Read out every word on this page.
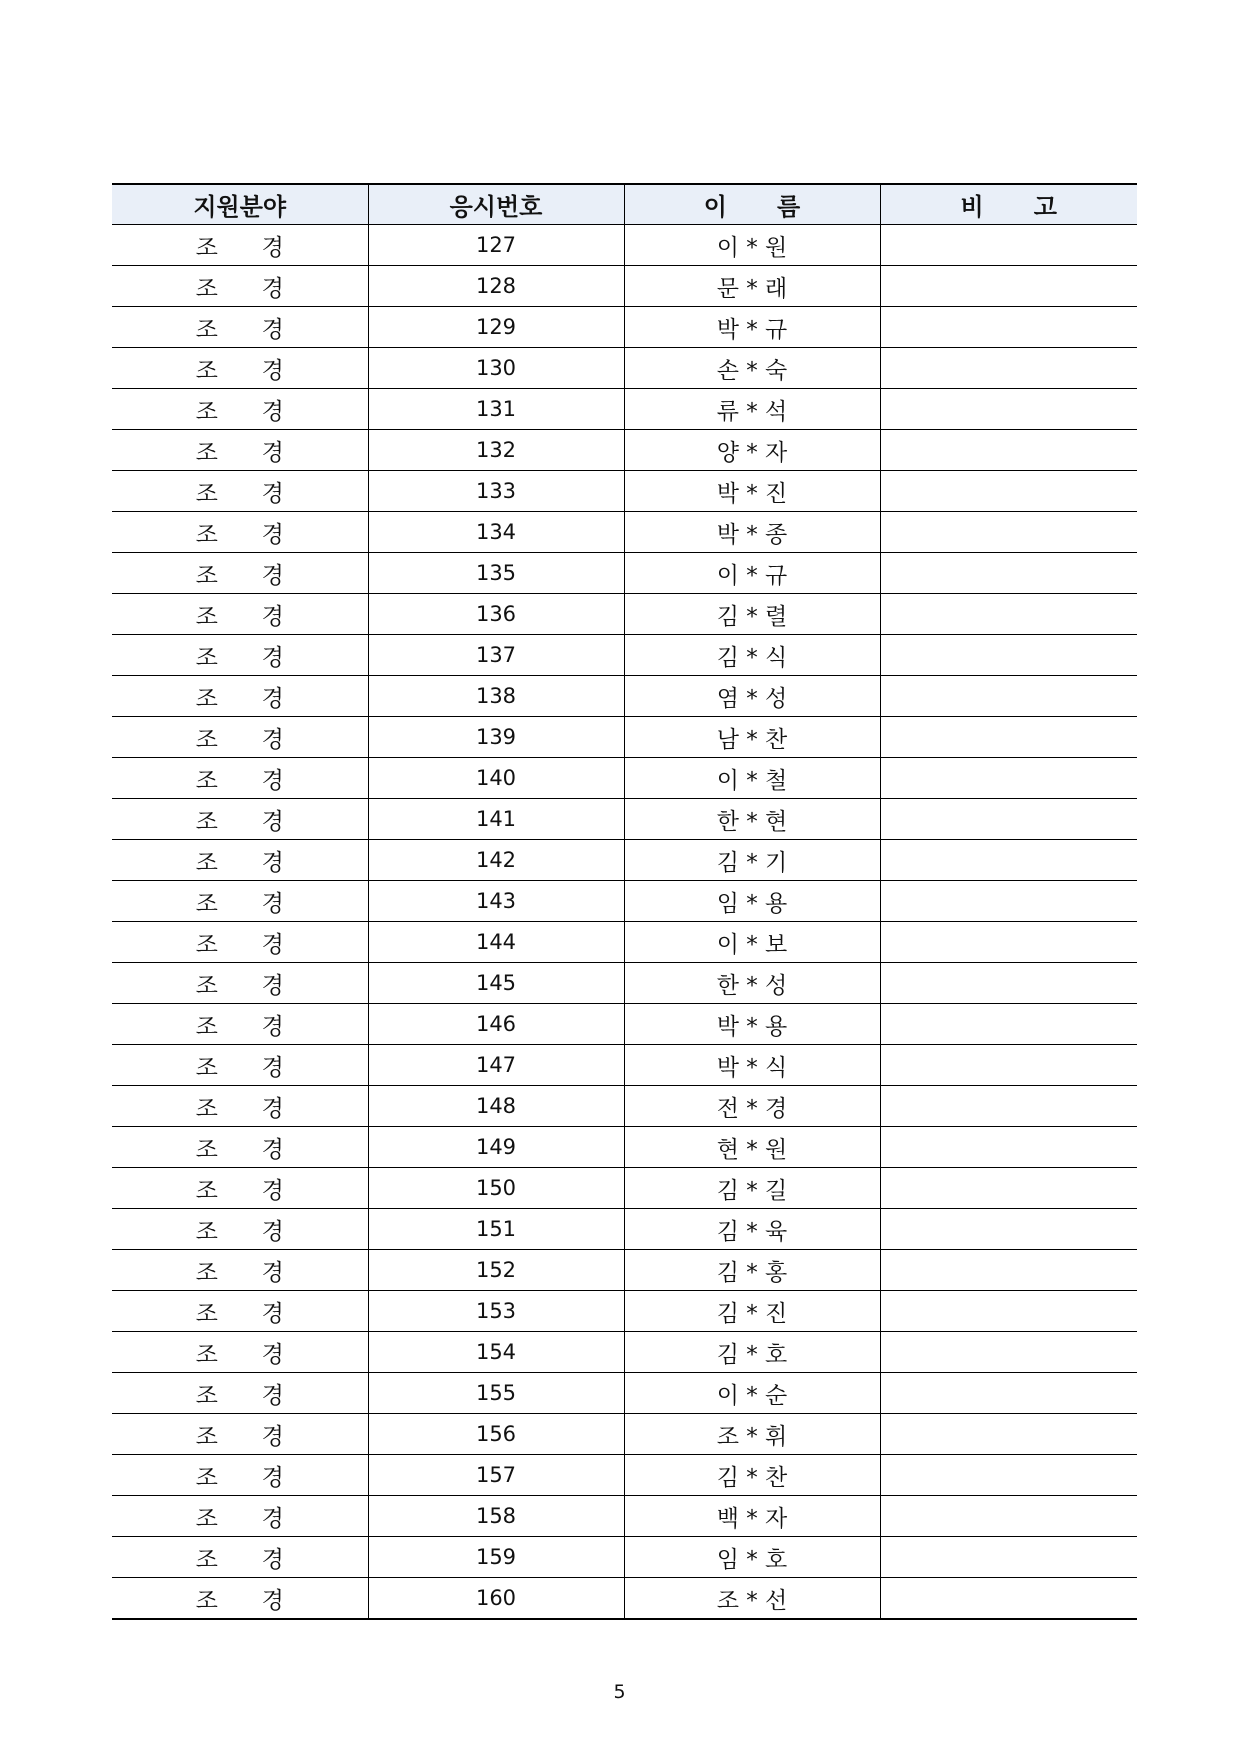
지원분야	응시번호	이      름	비      고
조      경	127	이 * 원	
조      경	128	문 * 래	
조      경	129	박 * 규	
조      경	130	손 * 숙	
조      경	131	류 * 석	
조      경	132	양 * 자	
조      경	133	박 * 진	
조      경	134	박 * 종	
조      경	135	이 * 규	
조      경	136	김 * 렬	
조      경	137	김 * 식	
조      경	138	염 * 성	
조      경	139	남 * 찬	
조      경	140	이 * 철	
조      경	141	한 * 현	
조      경	142	김 * 기	
조      경	143	임 * 용	
조      경	144	이 * 보	
조      경	145	한 * 성	
조      경	146	박 * 용	
조      경	147	박 * 식	
조      경	148	전 * 경	
조      경	149	현 * 원	
조      경	150	김 * 길	
조      경	151	김 * 육	
조      경	152	김 * 홍	
조      경	153	김 * 진	
조      경	154	김 * 호	
조      경	155	이 * 순	
조      경	156	조 * 휘	
조      경	157	김 * 찬	
조      경	158	백 * 자	
조      경	159	임 * 호	
조      경	160	조 * 선	
5
